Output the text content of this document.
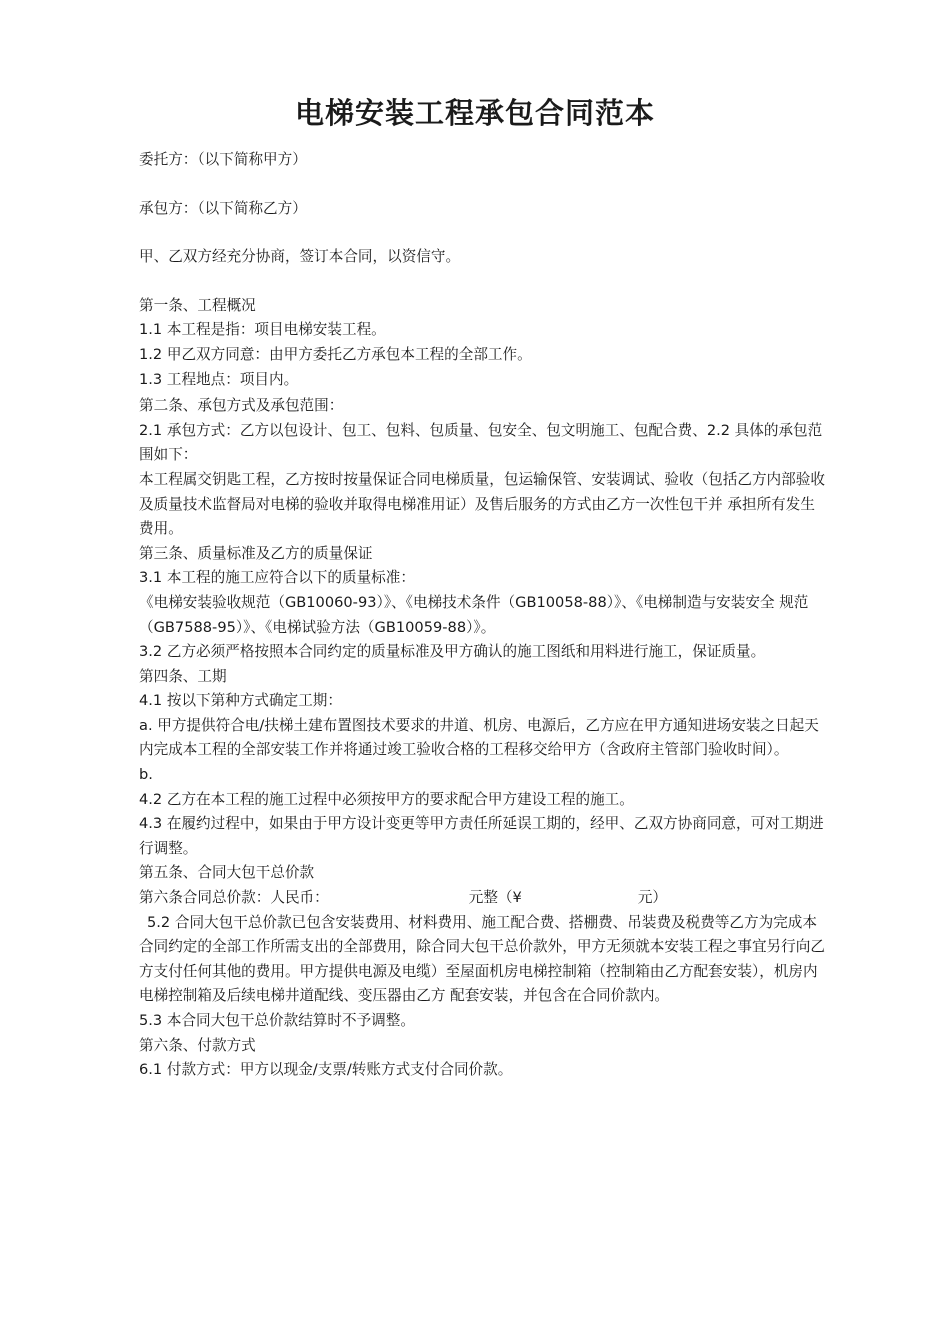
电梯安装工程承包合同范本

委托方：（以下简称甲方）

承包方：（以下简称乙方）

甲、乙双方经充分协商，签订本合同，以资信守。

第一条、工程概况

1.1 本工程是指：项目电梯安装工程。

1.2 甲乙双方同意：由甲方委托乙方承包本工程的全部工作。

1.3 工程地点：项目内。

第二条、承包方式及承包范围：

2.1 承包方式：乙方以包设计、包工、包料、包质量、包安全、包文明施工、包配合费、2.2 具体的承包范围如下：

本工程属交钥匙工程，乙方按时按量保证合同电梯质量，包运输保管、安装调试、验收（包括乙方内部验收及质量技术监督局对电梯的验收并取得电梯准用证）及售后服务的方式由乙方一次性包干并 承担所有发生费用。

第三条、质量标准及乙方的质量保证

3.1 本工程的施工应符合以下的质量标准：

《电梯安装验收规范（GB10060-93）》、《电梯技术条件（GB10058-88）》、《电梯制造与安装安全 规范（GB7588-95）》、《电梯试验方法（GB10059-88）》。

3.2 乙方必须严格按照本合同约定的质量标准及甲方确认的施工图纸和用料进行施工，保证质量。

第四条、工期

4.1 按以下第种方式确定工期：

a. 甲方提供符合电/扶梯土建布置图技术要求的井道、机房、电源后，乙方应在甲方通知进场安装之日起天内完成本工程的全部安装工作并将通过竣工验收合格的工程移交给甲方（含政府主管部门验收时间）。

b.

4.2 乙方在本工程的施工过程中必须按甲方的要求配合甲方建设工程的施工。

4.3 在履约过程中，如果由于甲方设计变更等甲方责任所延误工期的，经甲、乙双方协商同意，可对工期进行调整。

第五条、合同大包干总价款

第六条合同总价款：人民币：	元整（¥	元）

5.2 合同大包干总价款已包含安装费用、材料费用、施工配合费、搭棚费、吊装费及税费等乙方为完成本合同约定的全部工作所需支出的全部费用，除合同大包干总价款外，甲方无须就本安装工程之事宜另行向乙方支付任何其他的费用。甲方提供电源及电缆）至屋面机房电梯控制箱（控制箱由乙方配套安装），机房内电梯控制箱及后续电梯井道配线、变压器由乙方 配套安装，并包含在合同价款内。

5.3 本合同大包干总价款结算时不予调整。

第六条、付款方式

6.1 付款方式：甲方以现金/支票/转账方式支付合同价款。
